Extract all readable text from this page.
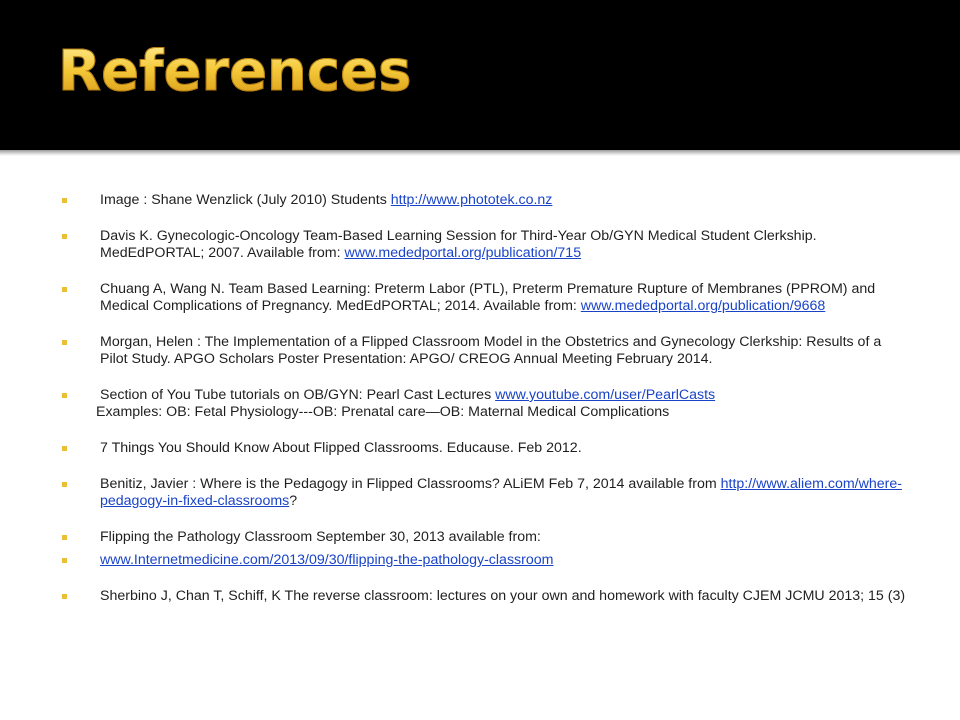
References
Image : Shane Wenzlick (July 2010) Students http://www.phototek.co.nz
Davis K. Gynecologic-Oncology Team-Based Learning Session for Third-Year Ob/GYN Medical Student Clerkship. MedEdPORTAL; 2007. Available from: www.mededportal.org/publication/715
Chuang A, Wang N. Team Based Learning: Preterm Labor (PTL), Preterm Premature Rupture of Membranes (PPROM) and Medical Complications of Pregnancy. MedEdPORTAL; 2014. Available from: www.mededportal.org/publication/9668
Morgan, Helen : The Implementation of a Flipped Classroom Model in the Obstetrics and Gynecology Clerkship: Results of a Pilot Study. APGO Scholars Poster Presentation: APGO/ CREOG Annual Meeting February 2014.
Section of You Tube tutorials on OB/GYN: Pearl Cast Lectures www.youtube.com/user/PearlCasts
Examples: OB: Fetal Physiology---OB: Prenatal care—OB: Maternal Medical Complications
7 Things You Should Know About Flipped Classrooms. Educause. Feb 2012.
Benitiz, Javier : Where is the Pedagogy in Flipped Classrooms? ALiEM Feb 7, 2014 available from http://www.aliem.com/where-pedagogy-in-fixed-classrooms?
Flipping the Pathology Classroom September 30, 2013 available from:
www.Internetmedicine.com/2013/09/30/flipping-the-pathology-classroom
Sherbino J, Chan T, Schiff, K The reverse classroom: lectures on your own and homework with faculty CJEM JCMU 2013; 15 (3)
